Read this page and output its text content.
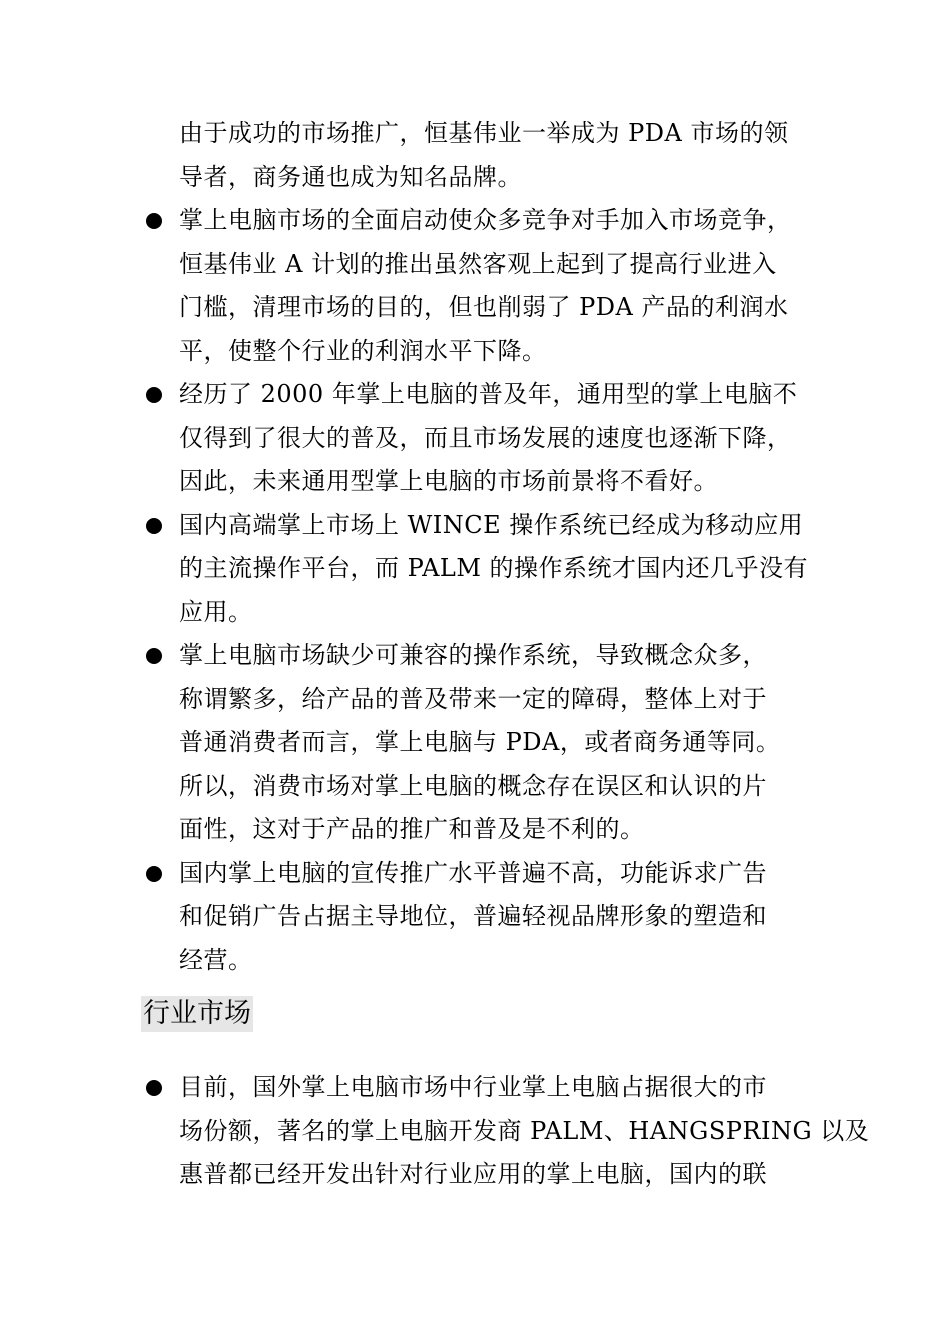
由于成功的市场推广，恒基伟业一举成为 PDA 市场的领
导者，商务通也成为知名品牌。
掌上电脑市场的全面启动使众多竞争对手加入市场竞争，
恒基伟业 A 计划的推出虽然客观上起到了提高行业进入
门槛，清理市场的目的，但也削弱了 PDA 产品的利润水
平，使整个行业的利润水平下降。
经历了 2000 年掌上电脑的普及年，通用型的掌上电脑不
仅得到了很大的普及，而且市场发展的速度也逐渐下降，
因此，未来通用型掌上电脑的市场前景将不看好。
国内高端掌上市场上 WINCE 操作系统已经成为移动应用
的主流操作平台，而 PALM 的操作系统才国内还几乎没有
应用。
掌上电脑市场缺少可兼容的操作系统，导致概念众多，
称谓繁多，给产品的普及带来一定的障碍，整体上对于
普通消费者而言，掌上电脑与 PDA，或者商务通等同。
所以，消费市场对掌上电脑的概念存在误区和认识的片
面性，这对于产品的推广和普及是不利的。
国内掌上电脑的宣传推广水平普遍不高，功能诉求广告
和促销广告占据主导地位，普遍轻视品牌形象的塑造和
经营。
行业市场
目前，国外掌上电脑市场中行业掌上电脑占据很大的市
场份额，著名的掌上电脑开发商 PALM、HANGSPRING 以及
惠普都已经开发出针对行业应用的掌上电脑，国内的联
